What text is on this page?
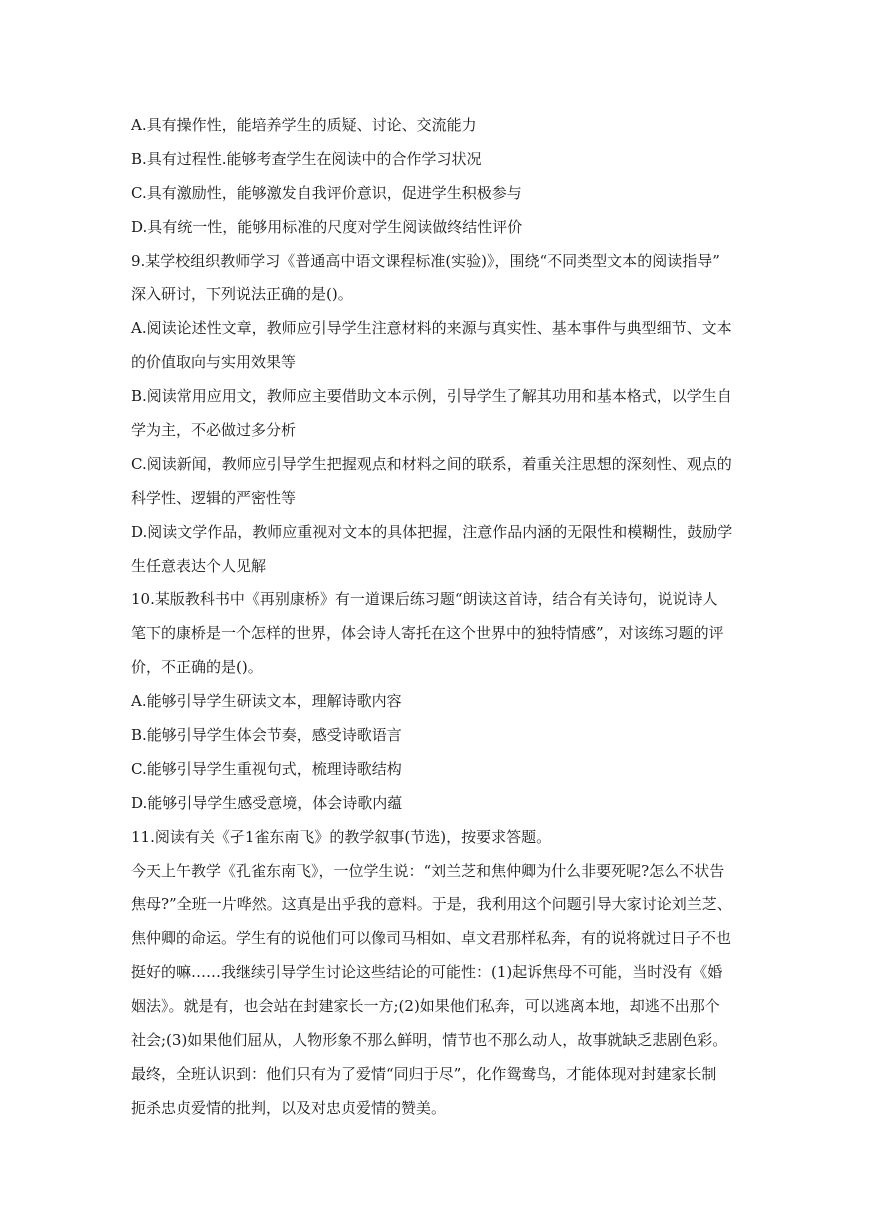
A.具有操作性，能培养学生的质疑、讨论、交流能力
B.具有过程性.能够考查学生在阅读中的合作学习状况
C.具有激励性，能够激发自我评价意识，促进学生积极参与
D.具有统一性，能够用标准的尺度对学生阅读做终结性评价
9.某学校组织教师学习《普通高中语文课程标准(实验)》，围绕“不同类型文本的阅读指导”
深入研讨，下列说法正确的是()。
A.阅读论述性文章，教师应引导学生注意材料的来源与真实性、基本事件与典型细节、文本
的价值取向与实用效果等
B.阅读常用应用文，教师应主要借助文本示例，引导学生了解其功用和基本格式，以学生自
学为主，不必做过多分析
C.阅读新闻，教师应引导学生把握观点和材料之间的联系，着重关注思想的深刻性、观点的
科学性、逻辑的严密性等
D.阅读文学作品，教师应重视对文本的具体把握，注意作品内涵的无限性和模糊性，鼓励学
生任意表达个人见解
10.某版教科书中《再别康桥》有一道课后练习题“朗读这首诗，结合有关诗句，说说诗人
笔下的康桥是一个怎样的世界，体会诗人寄托在这个世界中的独特情感”，对该练习题的评
价，不正确的是()。
A.能够引导学生研读文本，理解诗歌内容
B.能够引导学生体会节奏，感受诗歌语言
C.能够引导学生重视句式，梳理诗歌结构
D.能够引导学生感受意境，体会诗歌内蕴
11.阅读有关《孑1雀东南飞》的教学叙事(节选)，按要求答题。
今天上午教学《孔雀东南飞》，一位学生说：“刘兰芝和焦仲卿为什么非要死呢?怎么不状告
焦母?”全班一片哗然。这真是出乎我的意料。于是，我利用这个问题引导大家讨论刘兰芝、
焦仲卿的命运。学生有的说他们可以像司马相如、卓文君那样私奔，有的说将就过日子不也
挺好的嘛……我继续引导学生讨论这些结论的可能性：(1)起诉焦母不可能，当时没有《婚
姻法》。就是有，也会站在封建家长一方;(2)如果他们私奔，可以逃离本地，却逃不出那个
社会;(3)如果他们屈从，人物形象不那么鲜明，情节也不那么动人，故事就缺乏悲剧色彩。
最终，全班认识到：他们只有为了爱情“同归于尽”，化作鸳鸯鸟，才能体现对封建家长制
扼杀忠贞爱情的批判，以及对忠贞爱情的赞美。
